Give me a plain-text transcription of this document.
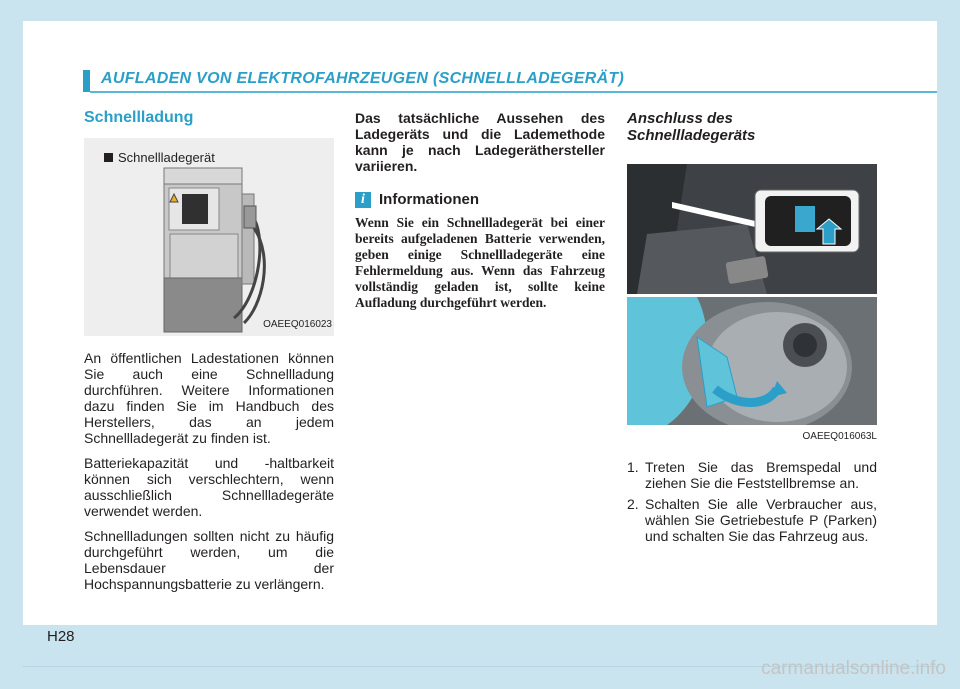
AUFLADEN VON ELEKTROFAHRZEUGEN (SCHNELLLADEGERÄT)
Schnellladung
Schnellladegerät
OAEEQ016023

An öffentlichen Ladestationen können Sie auch eine Schnellladung durchführen. Weitere Informationen dazu finden Sie im Handbuch des Herstellers, das an jedem Schnellladegerät zu finden ist.

Batteriekapazität und -haltbarkeit können sich verschlechtern, wenn ausschließlich Schnellladegeräte verwendet werden.

Schnellladungen sollten nicht zu häufig durchgeführt werden, um die Lebensdauer der Hochspannungsbatterie zu verlängern.

Das tatsächliche Aussehen des Ladegeräts und die Lademethode kann je nach Ladegeräthersteller variieren.
i Informationen

Wenn Sie ein Schnellladegerät bei einer bereits aufgeladenen Batterie verwenden, geben einige Schnellladegeräte eine Fehlermeldung aus. Wenn das Fahrzeug vollständig geladen ist, sollte keine Aufladung durchgeführt werden.

Anschluss des
Schnellladegeräts
OAEEQ016063L
1. Treten Sie das Bremspedal und ziehen Sie die Feststellbremse an.
2. Schalten Sie alle Verbraucher aus, wählen Sie Getriebestufe P (Parken) und schalten Sie das Fahrzeug aus.
H28
carmanualsonline.info
